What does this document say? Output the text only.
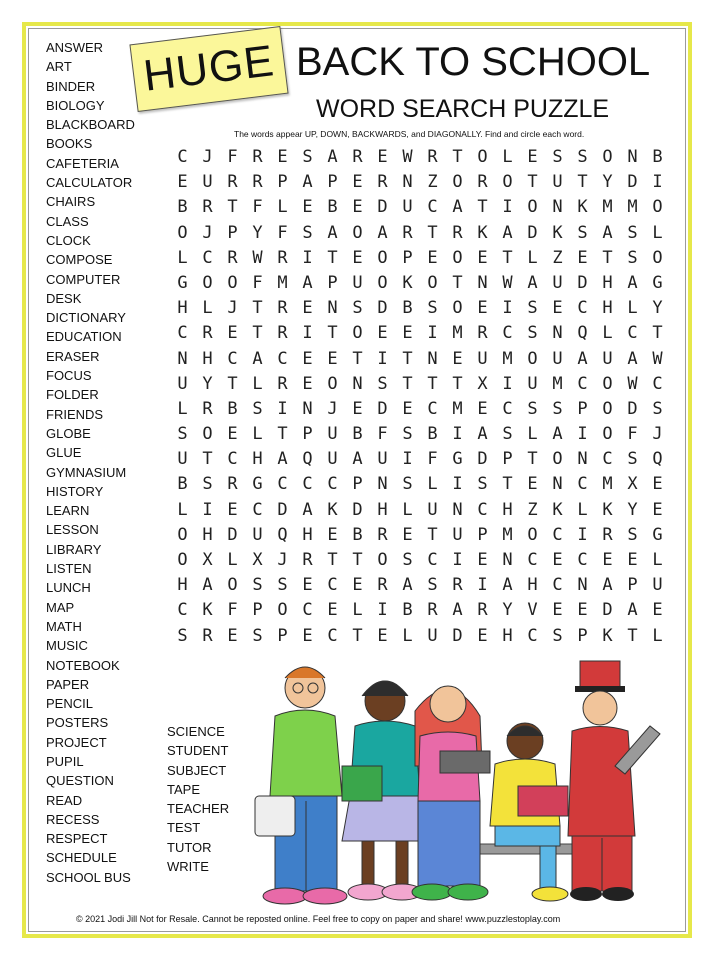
ANSWER
ART
BINDER
BIOLOGY
BLACKBOARD
BOOKS
CAFETERIA
CALCULATOR
CHAIRS
CLASS
CLOCK
COMPOSE
COMPUTER
DESK
DICTIONARY
EDUCATION
ERASER
FOCUS
FOLDER
FRIENDS
GLOBE
GLUE
GYMNASIUM
HISTORY
LEARN
LESSON
LIBRARY
LISTEN
LUNCH
MAP
MATH
MUSIC
NOTEBOOK
PAPER
PENCIL
POSTERS
PROJECT
PUPIL
QUESTION
READ
RECESS
RESPECT
SCHEDULE
SCHOOL BUS
SCIENCE
STUDENT
SUBJECT
TAPE
TEACHER
TEST
TUTOR
WRITE
HUGE BACK TO SCHOOL
WORD SEARCH PUZZLE
The words appear UP, DOWN, BACKWARDS, and DIAGONALLY. Find and circle each word.
C J F R E S A R E W R T O L E S S O N B
E U R R P A P E R N Z O R O T U T Y D I
B R T F L E B E D U C A T I O N K M M O
O J P Y F S A O A R T R K A D K S A S L
L C R W R I T E O P E O E T L Z E T S O
G O O F M A P U O K O T N W A U D H A G
H L J T R E N S D B S O E I S E C H L Y
C R E T R I T O E E I M R C S N Q L C T
N H C A C E E T I T N E U M O U A U A W
U Y T L R E O N S T T T X I U M C O W C
L R B S I N J E D E C M E C S S P O D S
S O E L T P U B F S B I A S L A I O F J
U T C H A Q U A U I F G D P T O N C S Q
B S R G C C C P N S L I S T E N C M X E
L I E C D A K D H L U N C H Z K L K Y E
O H D U Q H E B R E T U P M O C I R S G
O X L X J R T T O S C I E N C E C E E L
H A O S S E C E R A S R I A H C N A P U
C K F P O C E L I B R A R Y V E E D A E
S R E S P E C T E L U D E H C S P K T L
© 2021 Jodi Jill Not for Resale. Cannot be reposted online. Feel free to copy on paper and share! www.puzzlestoplay.com
